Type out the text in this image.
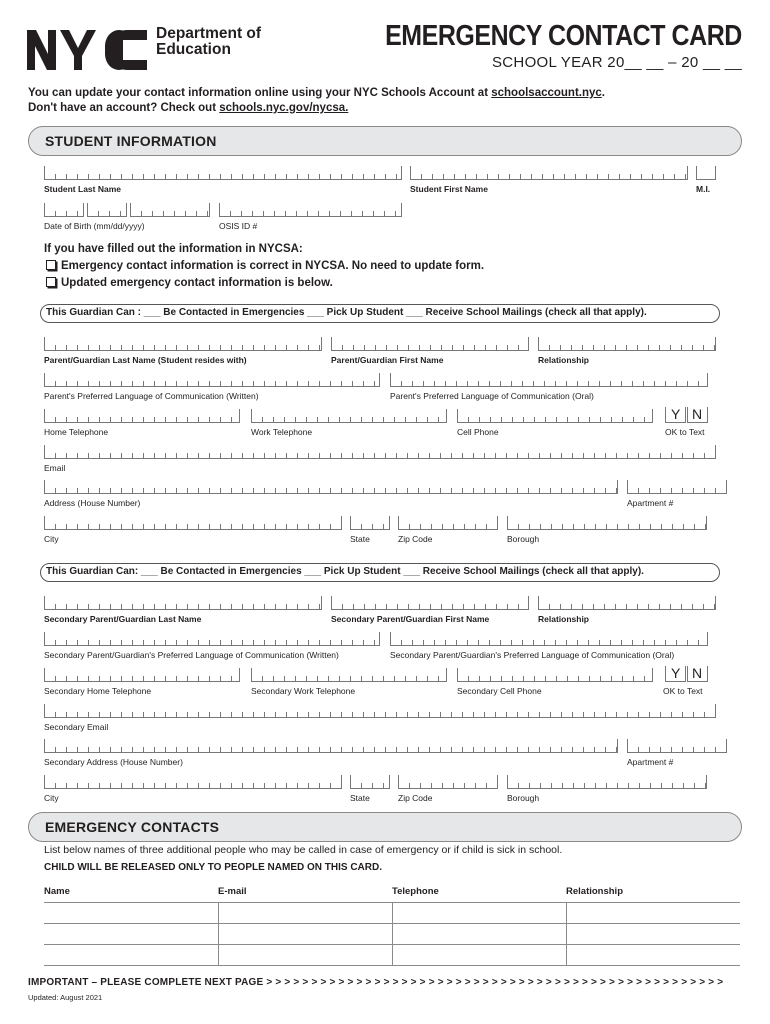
Department of
Education	EMERGENCY CONTACT CARD
SCHOOL YEAR 20__ __ – 20 __ __
You can update your contact information online using your NYC Schools Account at schoolsaccount.nyc.
Don't have an account? Check out schools.nyc.gov/nycsa.
STUDENT INFORMATION
Student Last Name	Student First Name	M.I.
Date of Birth (mm/dd/yyyy)	OSIS ID #
If you have filled out the information in NYCSA:
Emergency contact information is correct in NYCSA. No need to update form.
Updated emergency contact information is below.
This Guardian Can : ___ Be Contacted in Emergencies ___ Pick Up Student ___ Receive School Mailings (check all that apply).
Parent/Guardian Last Name (Student resides with)	Parent/Guardian First Name	Relationship
Parent's Preferred Language of Communication (Written)	Parent's Preferred Language of Communication (Oral)
Y N
Home Telephone	Work Telephone	Cell Phone	OK to Text
Email
Address (House Number)	Apartment #
City	State	Zip Code	Borough
This Guardian Can: ___ Be Contacted in Emergencies ___ Pick Up Student ___ Receive School Mailings (check all that apply).
Secondary Parent/Guardian Last Name	Secondary Parent/Guardian First Name	Relationship
Secondary Parent/Guardian's Preferred Language of Communication (Written)	Secondary Parent/Guardian's Preferred Language of Communication (Oral)
Y N
Secondary Home Telephone	Secondary Work Telephone	Secondary Cell Phone	OK to Text
Secondary Email
Secondary Address (House Number)	Apartment #
City	State	Zip Code	Borough
EMERGENCY CONTACTS
List below names of three additional people who may be called in case of emergency or if child is sick in school.
CHILD WILL BE RELEASED ONLY TO PEOPLE NAMED ON THIS CARD.
Name	E-mail	Telephone	Relationship

IMPORTANT – PLEASE COMPLETE NEXT PAGE > > > > > > > > > > > > > > > > > > > > > > > > > > > > > > > > > > > > > > > > > > > > > > > > > > >
Updated: August 2021
